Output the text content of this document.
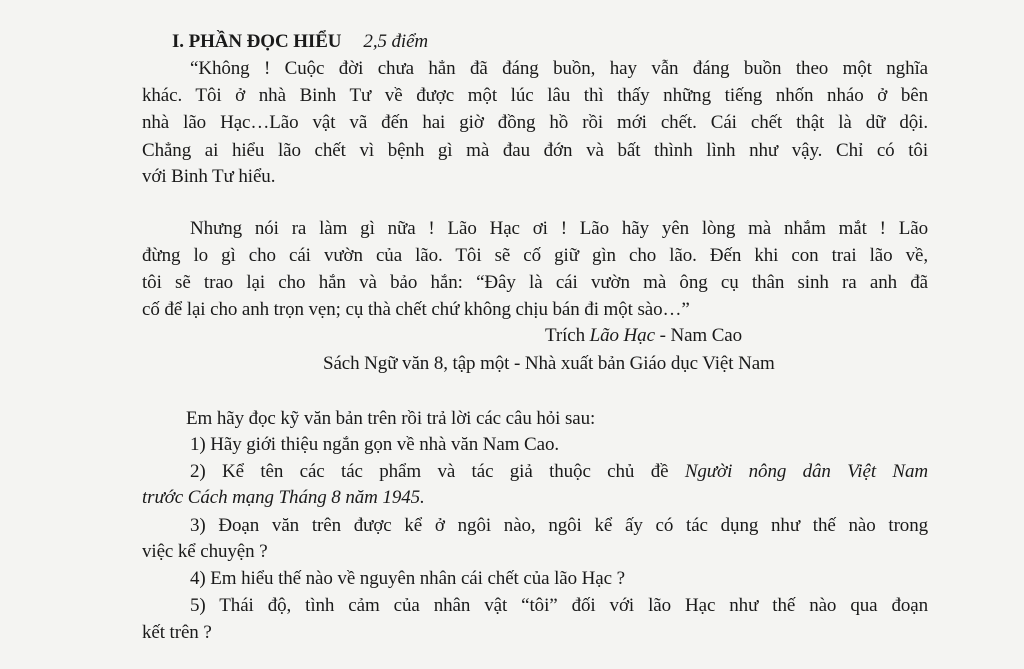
I. PHẦN ĐỌC HIỂU 2,5 điểm
“Không ! Cuộc đời chưa hẳn đã đáng buồn, hay vẫn đáng buồn theo một nghĩa
khác. Tôi ở nhà Binh Tư về được một lúc lâu thì thấy những tiếng nhốn nháo ở bên
nhà lão Hạc…Lão vật vã đến hai giờ đồng hồ rồi mới chết. Cái chết thật là dữ dội.
Chẳng ai hiểu lão chết vì bệnh gì mà đau đớn và bất thình lình như vậy. Chỉ có tôi
với Binh Tư hiểu.
Nhưng nói ra làm gì nữa ! Lão Hạc ơi ! Lão hãy yên lòng mà nhắm mắt ! Lão
đừng lo gì cho cái vườn của lão. Tôi sẽ cố giữ gìn cho lão. Đến khi con trai lão về,
tôi sẽ trao lại cho hắn và bảo hắn: “Đây là cái vườn mà ông cụ thân sinh ra anh đã
cố để lại cho anh trọn vẹn; cụ thà chết chứ không chịu bán đi một sào…”
Trích Lão Hạc - Nam Cao
Sách Ngữ văn 8, tập một - Nhà xuất bản Giáo dục Việt Nam
Em hãy đọc kỹ văn bản trên rồi trả lời các câu hỏi sau:
1) Hãy giới thiệu ngắn gọn về nhà văn Nam Cao.
2) Kể tên các tác phẩm và tác giả thuộc chủ đề Người nông dân Việt Nam
trước Cách mạng Tháng 8 năm 1945.
3) Đoạn văn trên được kể ở ngôi nào, ngôi kể ấy có tác dụng như thế nào trong
việc kể chuyện ?
4) Em hiểu thế nào về nguyên nhân cái chết của lão Hạc ?
5) Thái độ, tình cảm của nhân vật “tôi” đối với lão Hạc như thế nào qua đoạn
kết trên ?
